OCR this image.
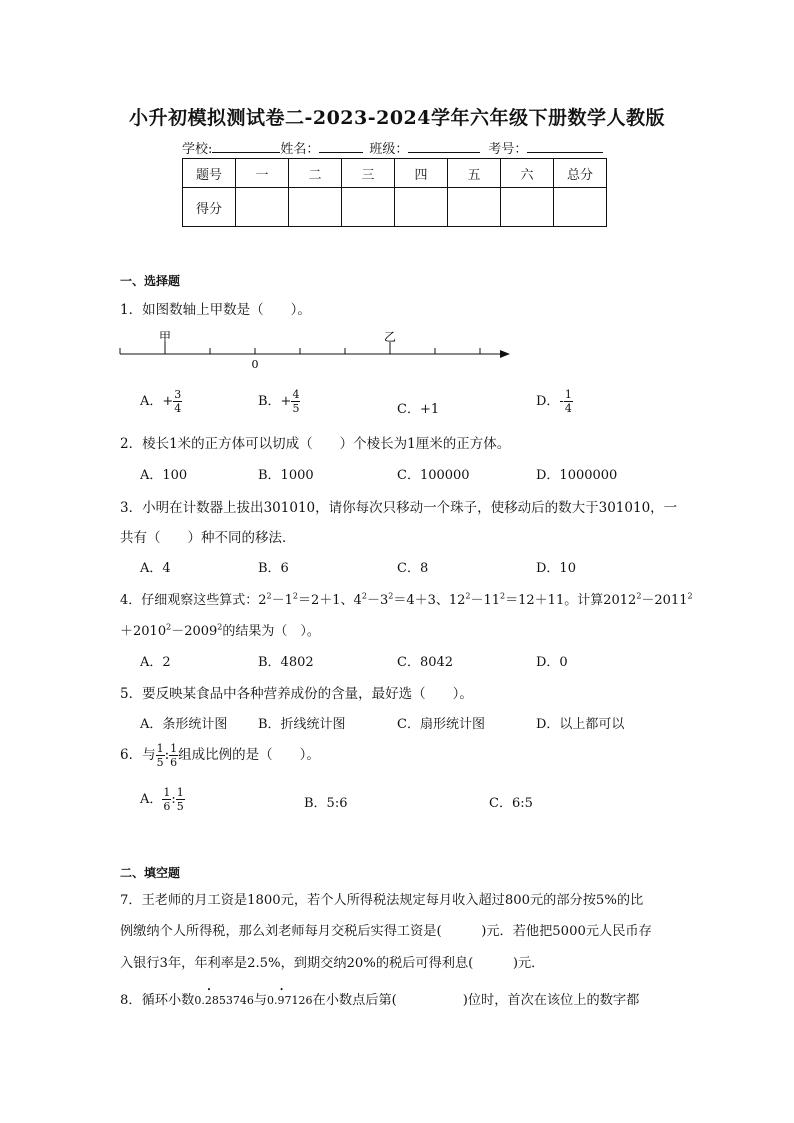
小升初模拟测试卷二-2023-2024学年六年级下册数学人教版
学校:	姓名：	班级：	考号：
题号	一	二	三	四	五	六	总分
得分							
一、选择题
1．如图数轴上甲数是（　　）。
甲	乙
0
A．+ $\frac{3}{4}$	B．+ $\frac{4}{5}$	C．+1
D．- $\frac{1}{4}$
2．棱长1米的正方体可以切成（　　）个棱长为1厘米的正方体。
A．100	B．1000	C．100000	D．1000000
3．小明在计数器上拔出301010，请你每次只移动一个珠子，使移动后的数大于301010，一
共有（　　）种不同的移法．
A．4	B．6	C．8	D．10
4．仔细观察这些算式：$2^2-1^2=2+1$、$4^2-3^2=4+3$、$12^2-11^2=12+11$。计算$2012^2-2011^2$
$+2010^2-2009^2$的结果为（　）。
A．2	B．4802	C．8042	D．0
5．要反映某食品中各种营养成份的含量，最好选（　　）。
A．条形统计图 B．折线统计图	C．扇形统计图	D．以上都可以
6．与 $\frac{1}{5}$ : $\frac{1}{6}$ 组成比例的是（　　）。
A． $\frac{1}{6}$ : $\frac{1}{5}$	B．5:6	C．6:5
二、填空题
7．王老师的月工资是1800元，若个人所得税法规定每月收入超过800元的部分按5%的比
例缴纳个人所得税，那么刘老师每月交税后实得工资是(　　　)元．若他把5000元人民币存
入银行3年，年利率是2.5%，到期交纳20%的税后可得利息(　　　)元．
8．循环小数0.• 2853746与0.• 97126在小数点后第(　　　　　)位时，首次在该位上的数字都
